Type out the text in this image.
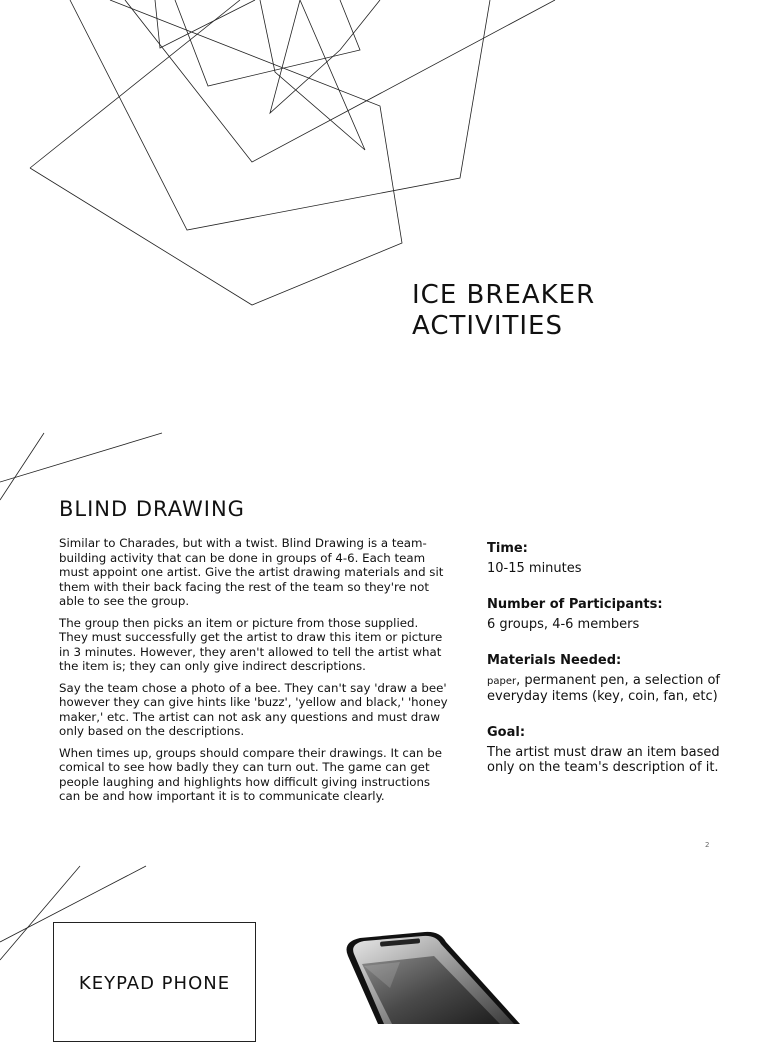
ICE BREAKER
ACTIVITIES
BLIND DRAWING

Similar to Charades, but with a twist. Blind Drawing is a team-building activity that can be done in groups of 4-6. Each team must appoint one artist. Give the artist drawing materials and sit them with their back facing the rest of the team so they're not able to see the group.

The group then picks an item or picture from those supplied. They must successfully get the artist to draw this item or picture in 3 minutes. However, they aren't allowed to tell the artist what the item is; they can only give indirect descriptions.

Say the team chose a photo of a bee. They can't say 'draw a bee' however they can give hints like 'buzz', 'yellow and black,' 'honey maker,' etc. The artist can not ask any questions and must draw only based on the descriptions.

When times up, groups should compare their drawings. It can be comical to see how badly they can turn out. The game can get people laughing and highlights how difficult giving instructions can be and how important it is to communicate clearly.

Time:

10-15 minutes

Number of Participants:

6 groups, 4-6 members

Materials Needed:

paper, permanent pen, a selection of everyday items (key, coin, fan, etc)

Goal:

The artist must draw an item based only on the team's description of it.

2
KEYPAD PHONE
